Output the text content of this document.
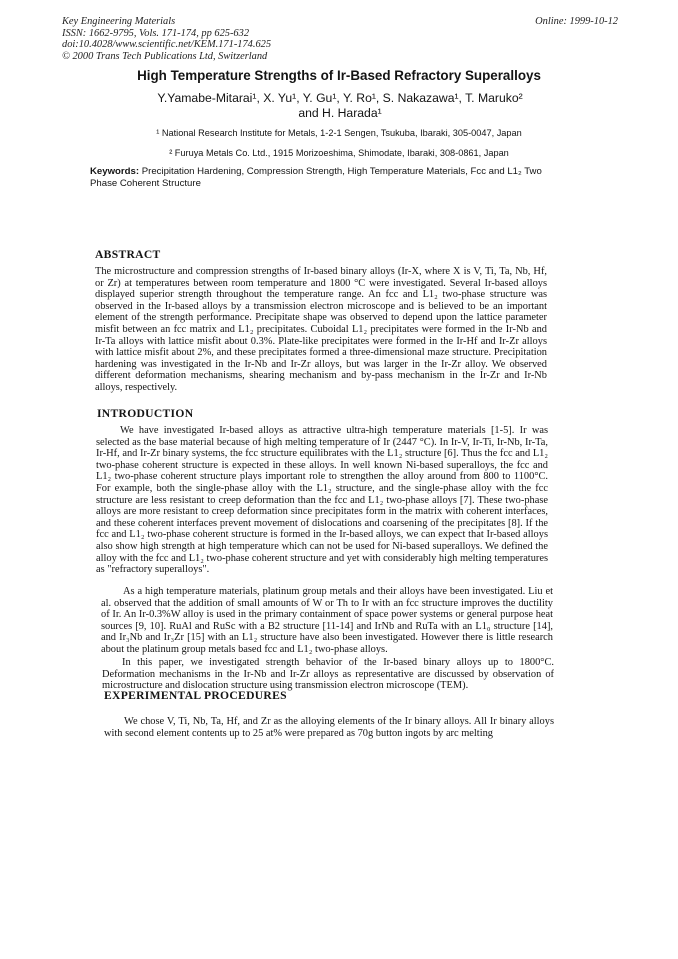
Key Engineering Materials
ISSN: 1662-9795, Vols. 171-174, pp 625-632
doi:10.4028/www.scientific.net/KEM.171-174.625
© 2000 Trans Tech Publications Ltd, Switzerland
Online: 1999-10-12
High Temperature Strengths of Ir-Based Refractory Superalloys
Y.Yamabe-Mitarai¹, X. Yu¹, Y. Gu¹, Y. Ro¹, S. Nakazawa¹, T. Maruko²
and H. Harada¹
¹ National Research Institute for Metals, 1-2-1 Sengen, Tsukuba, Ibaraki, 305-0047, Japan
² Furuya Metals Co. Ltd., 1915 Morizoeshima, Shimodate, Ibaraki, 308-0861, Japan
Keywords: Precipitation Hardening, Compression Strength, High Temperature Materials, Fcc and L1₂ Two Phase Coherent Structure
ABSTRACT
The microstructure and compression strengths of Ir-based binary alloys (Ir-X, where X is V, Ti, Ta, Nb, Hf, or Zr) at temperatures between room temperature and 1800 °C were investigated. Several Ir-based alloys displayed superior strength throughout the temperature range. An fcc and L1₂ two-phase structure was observed in the Ir-based alloys by a transmission electron microscope and is believed to be an important element of the strength performance. Precipitate shape was observed to depend upon the lattice parameter misfit between an fcc matrix and L1₂ precipitates. Cuboidal L1₂ precipitates were formed in the Ir-Nb and Ir-Ta alloys with lattice misfit about 0.3%. Plate-like precipitates were formed in the Ir-Hf and Ir-Zr alloys with lattice misfit about 2%, and these precipitates formed a three-dimensional maze structure. Precipitation hardening was investigated in the Ir-Nb and Ir-Zr alloys, but was larger in the Ir-Zr alloy. We observed different deformation mechanisms, shearing mechanism and by-pass mechanism in the Ir-Zr and Ir-Nb alloys, respectively.
INTRODUCTION
We have investigated Ir-based alloys as attractive ultra-high temperature materials [1-5]. Ir was selected as the base material because of high melting temperature of Ir (2447 °C). In Ir-V, Ir-Ti, Ir-Nb, Ir-Ta, Ir-Hf, and Ir-Zr binary systems, the fcc structure equilibrates with the L1₂ structure [6]. Thus the fcc and L1₂ two-phase coherent structure is expected in these alloys. In well known Ni-based superalloys, the fcc and L1₂ two-phase coherent structure plays important role to strengthen the alloy around from 800 to 1100°C. For example, both the single-phase alloy with the L1₂ structure, and the single-phase alloy with the fcc structure are less resistant to creep deformation than the fcc and L1₂ two-phase alloys [7]. These two-phase alloys are more resistant to creep deformation since precipitates form in the matrix with coherent interfaces, and these coherent interfaces prevent movement of dislocations and coarsening of the precipitates [8]. If the fcc and L1₂ two-phase coherent structure is formed in the Ir-based alloys, we can expect that Ir-based alloys also show high strength at high temperature which can not be used for Ni-based superalloys. We defined the alloy with the fcc and L1₂ two-phase coherent structure and yet with considerably high melting temperatures as "refractory superalloys".
As a high temperature materials, platinum group metals and their alloys have been investigated. Liu et al. observed that the addition of small amounts of W or Th to Ir with an fcc structure improves the ductility of Ir. An Ir-0.3%W alloy is used in the primary containment of space power systems or general purpose heat sources [9, 10]. RuAl and RuSc with a B2 structure [11-14] and IrNb and RuTa with an L1₀ structure [14], and Ir₃Nb and Ir₃Zr [15] with an L1₂ structure have also been investigated. However there is little research about the platinum group metals based fcc and L1₂ two-phase alloys.
In this paper, we investigated strength behavior of the Ir-based binary alloys up to 1800°C. Deformation mechanisms in the Ir-Nb and Ir-Zr alloys as representative are discussed by observation of microstructure and dislocation structure using transmission electron microscope (TEM).
EXPERIMENTAL PROCEDURES
We chose V, Ti, Nb, Ta, Hf, and Zr as the alloying elements of the Ir binary alloys. All Ir binary alloys with second element contents up to 25 at% were prepared as 70g button ingots by arc melting
